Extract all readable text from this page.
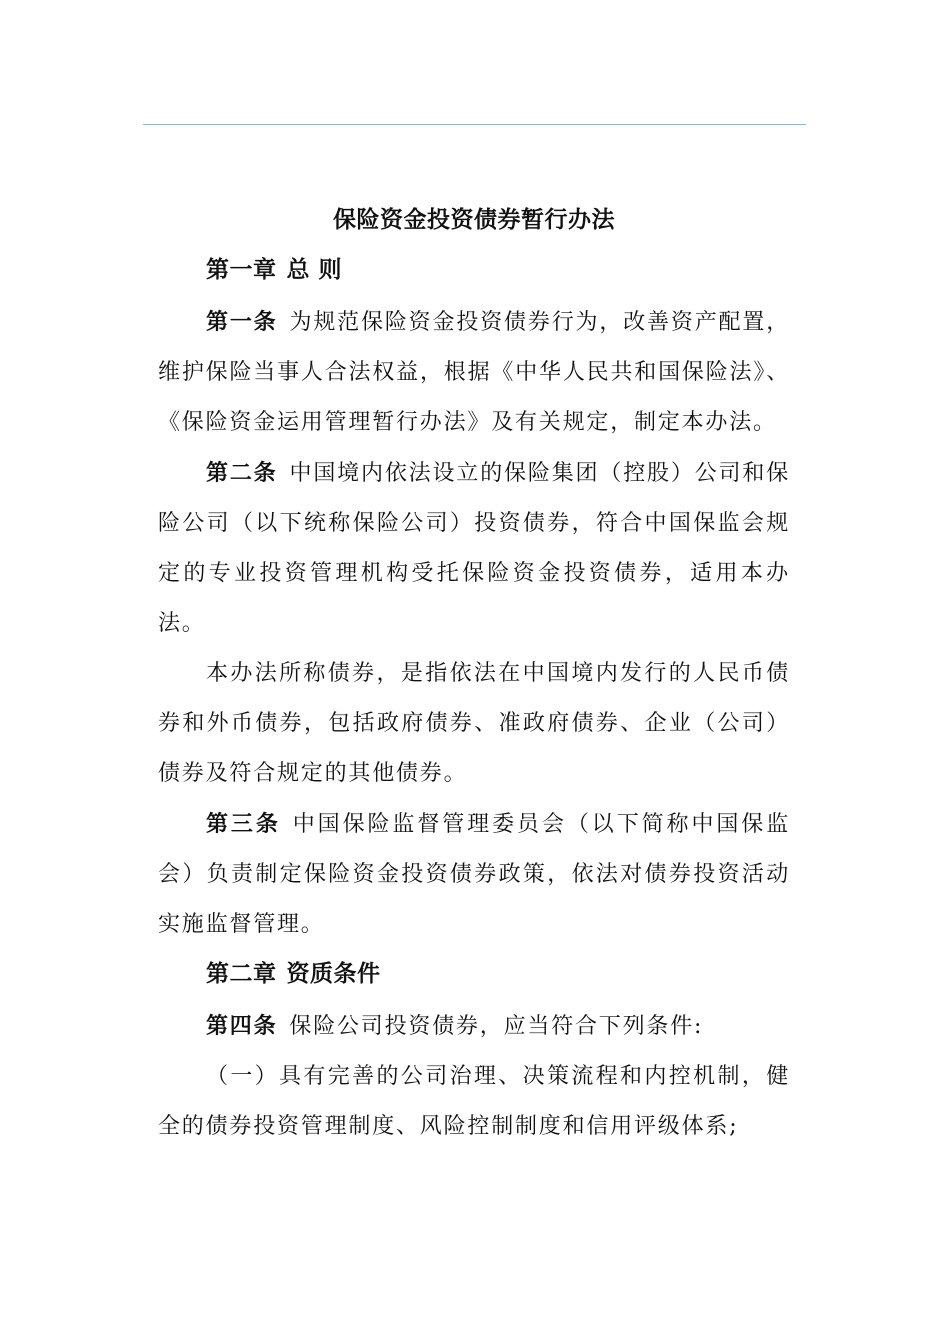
保险资金投资债券暂行办法
第一章 总 则

第一条 为规范保险资金投资债券行为，改善资产配置，维护保险当事人合法权益，根据《中华人民共和国保险法》、《保险资金运用管理暂行办法》及有关规定，制定本办法。

第二条 中国境内依法设立的保险集团（控股）公司和保险公司（以下统称保险公司）投资债券，符合中国保监会规定的专业投资管理机构受托保险资金投资债券，适用本办法。

本办法所称债券，是指依法在中国境内发行的人民币债券和外币债券，包括政府债券、准政府债券、企业（公司）债券及符合规定的其他债券。

第三条 中国保险监督管理委员会（以下简称中国保监会）负责制定保险资金投资债券政策，依法对债券投资活动实施监督管理。

第二章 资质条件

第四条 保险公司投资债券，应当符合下列条件:

（一）具有完善的公司治理、决策流程和内控机制，健全的债券投资管理制度、风险控制制度和信用评级体系;
